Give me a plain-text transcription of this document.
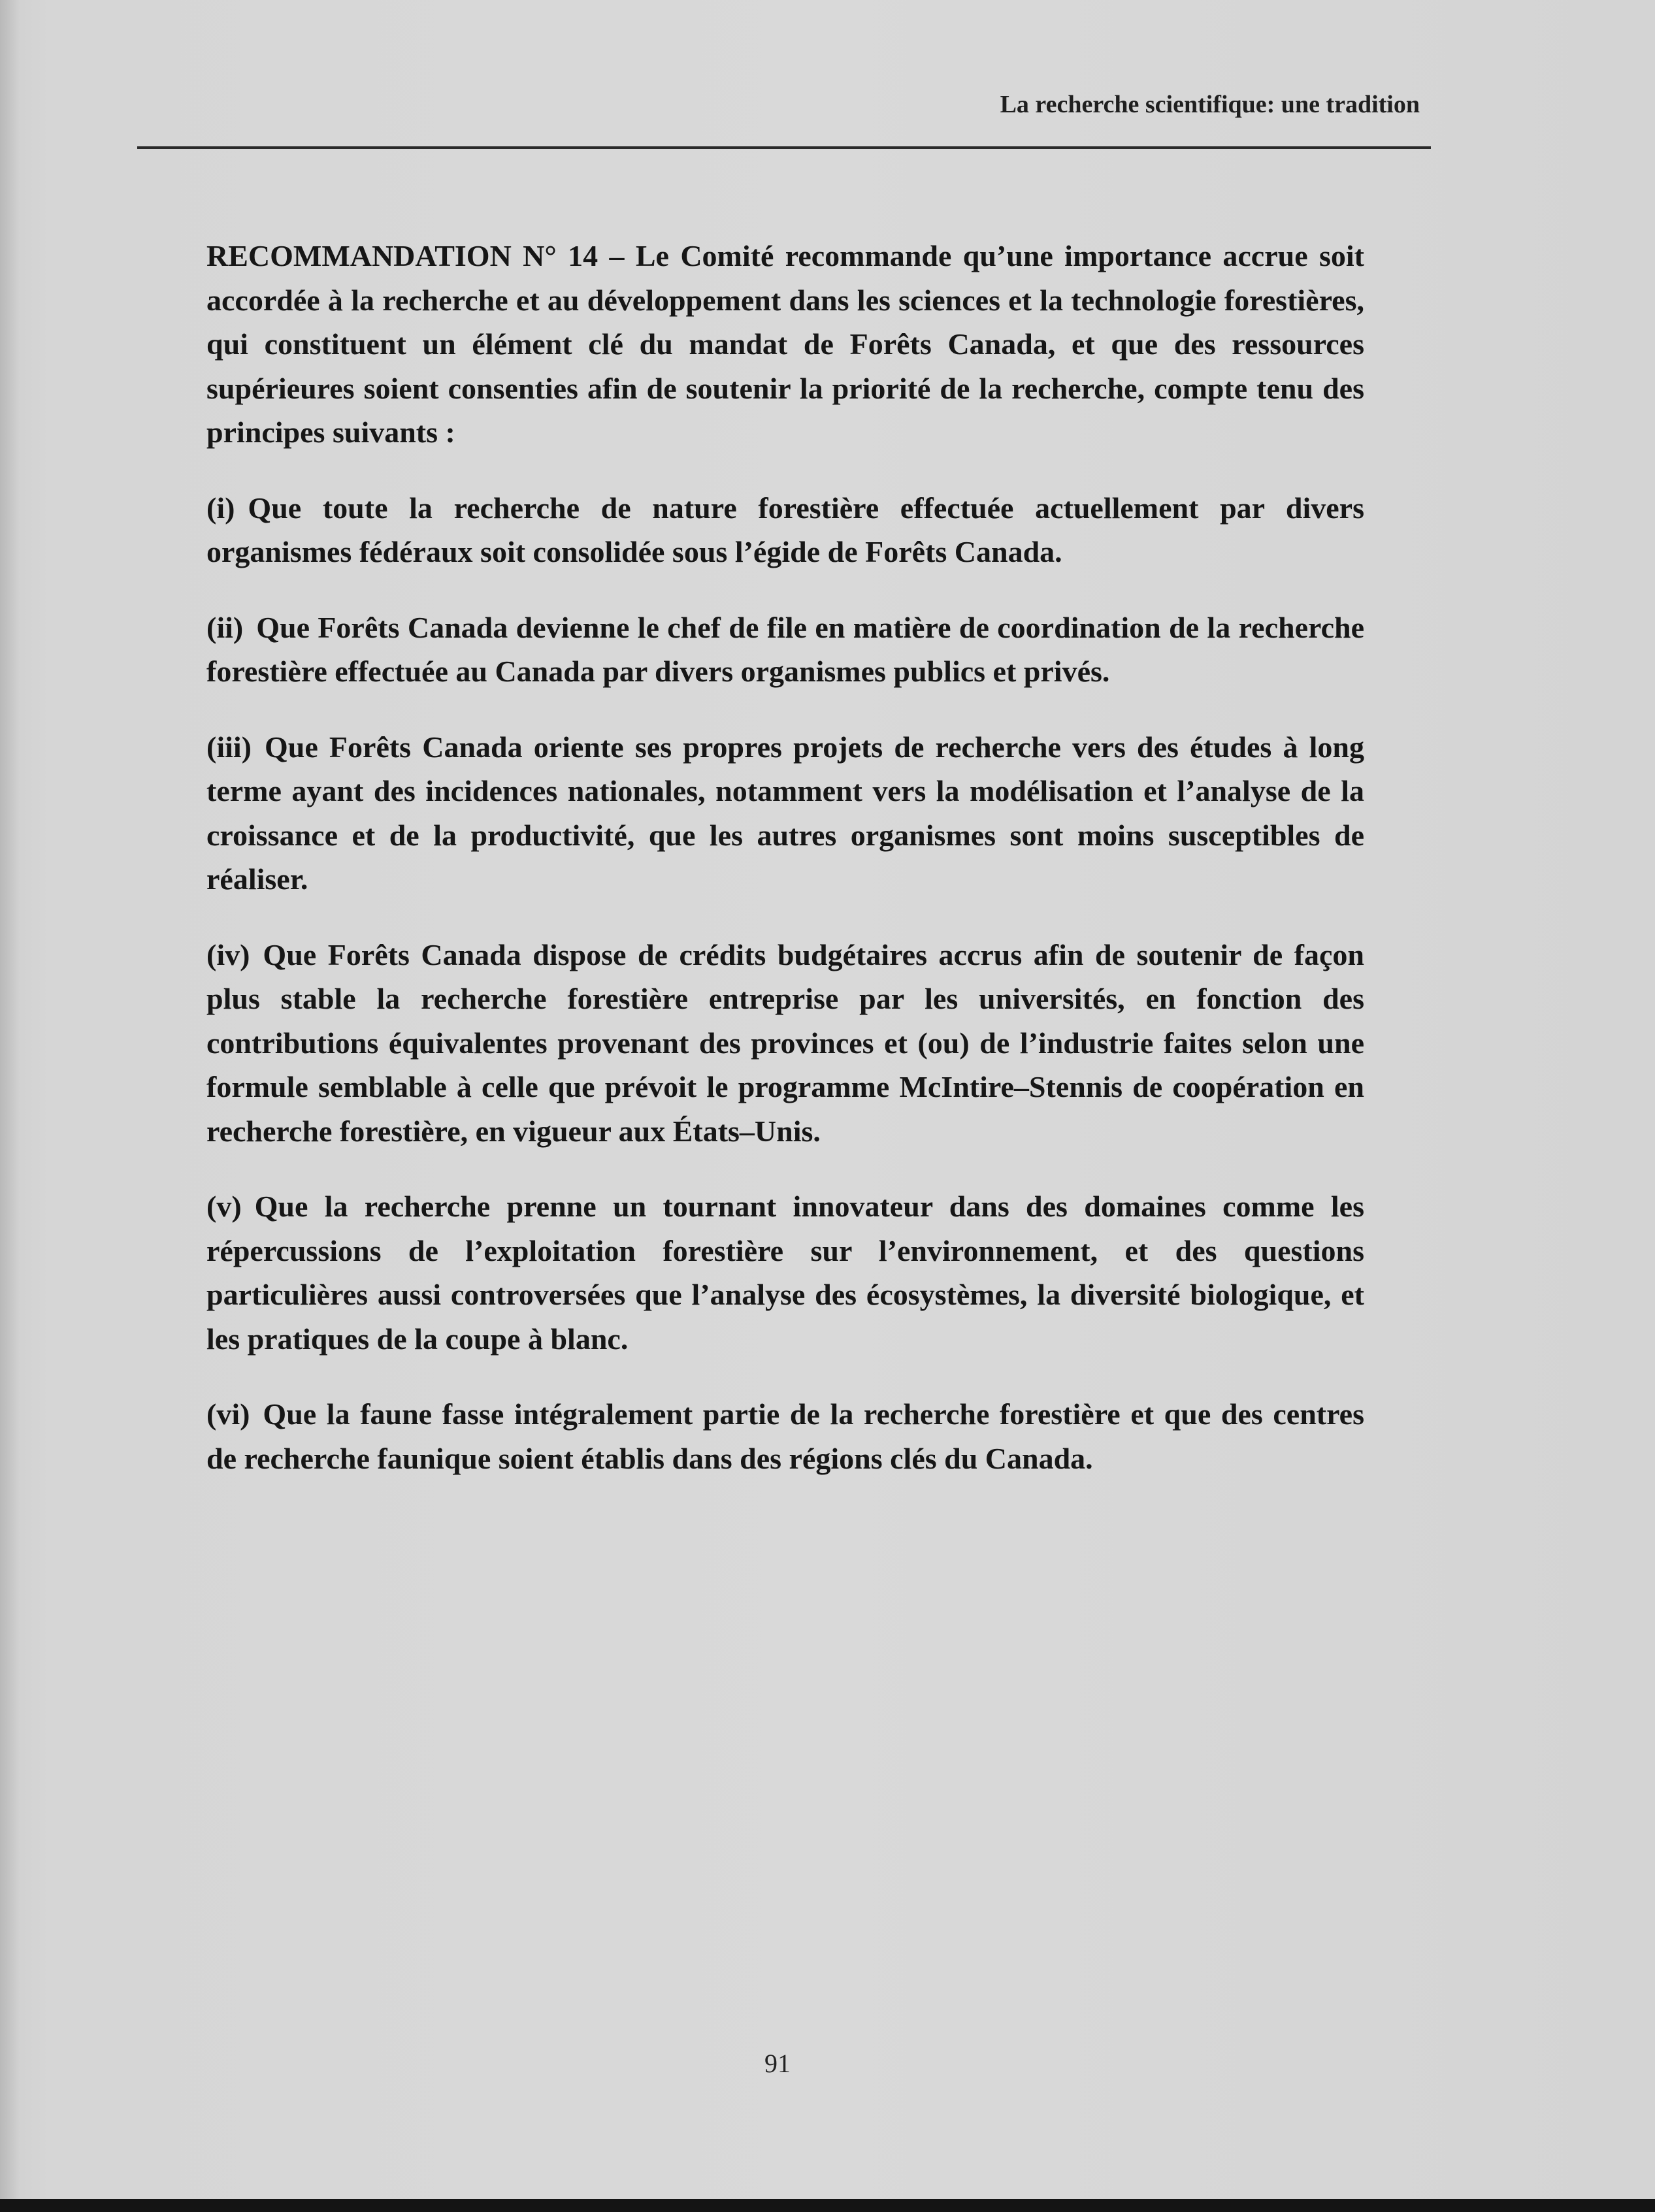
La recherche scientifique: une tradition

RECOMMANDATION N° 14 – Le Comité recommande qu’une importance accrue soit accordée à la recherche et au développement dans les sciences et la technologie forestières, qui constituent un élément clé du mandat de Forêts Canada, et que des ressources supérieures soient consenties afin de soutenir la priorité de la recherche, compte tenu des principes suivants :

(i) Que toute la recherche de nature forestière effectuée actuellement par divers organismes fédéraux soit consolidée sous l’égide de Forêts Canada.

(ii) Que Forêts Canada devienne le chef de file en matière de coordination de la recherche forestière effectuée au Canada par divers organismes publics et privés.

(iii) Que Forêts Canada oriente ses propres projets de recherche vers des études à long terme ayant des incidences nationales, notamment vers la modélisation et l’analyse de la croissance et de la productivité, que les autres organismes sont moins susceptibles de réaliser.

(iv) Que Forêts Canada dispose de crédits budgétaires accrus afin de soutenir de façon plus stable la recherche forestière entreprise par les universités, en fonction des contributions équivalentes provenant des provinces et (ou) de l’industrie faites selon une formule semblable à celle que prévoit le programme McIntire–Stennis de coopération en recherche forestière, en vigueur aux États–Unis.

(v) Que la recherche prenne un tournant innovateur dans des domaines comme les répercussions de l’exploitation forestière sur l’environnement, et des questions particulières aussi controversées que l’analyse des écosystèmes, la diversité biologique, et les pratiques de la coupe à blanc.

(vi) Que la faune fasse intégralement partie de la recherche forestière et que des centres de recherche faunique soient établis dans des régions clés du Canada.

91
